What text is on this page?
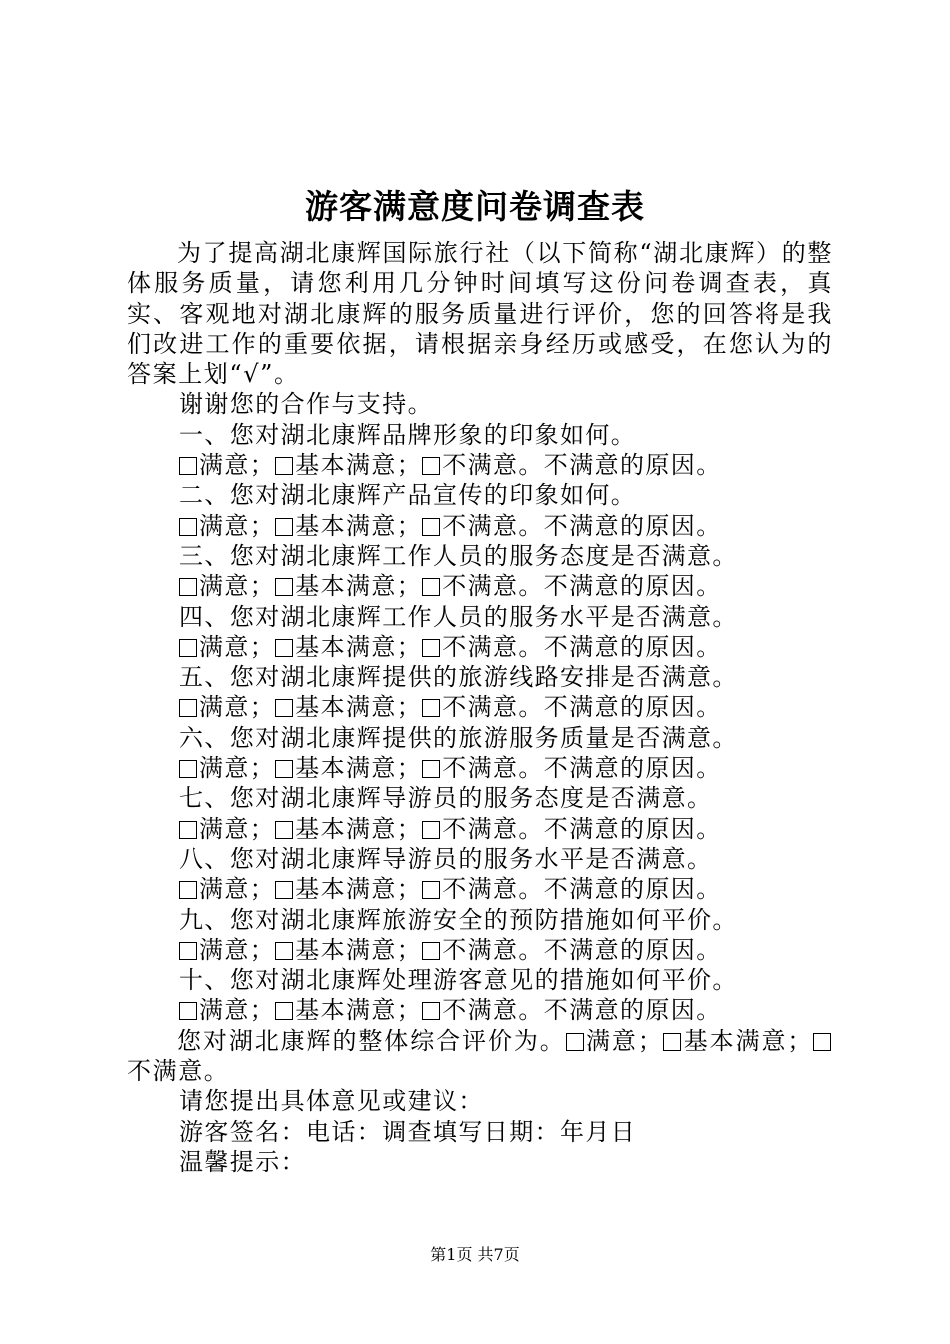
游客满意度问卷调查表

为了提高湖北康辉国际旅行社（以下简称“湖北康辉）的整体服务质量，请您利用几分钟时间填写这份问卷调查表，真实、客观地对湖北康辉的服务质量进行评价，您的回答将是我们改进工作的重要依据，请根据亲身经历或感受，在您认为的答案上划“√”。

谢谢您的合作与支持。

一、您对湖北康辉品牌形象的印象如何。

满意； 基本满意； 不满意。不满意的原因。

二、您对湖北康辉产品宣传的印象如何。

满意； 基本满意； 不满意。不满意的原因。

三、您对湖北康辉工作人员的服务态度是否满意。

满意； 基本满意； 不满意。不满意的原因。

四、您对湖北康辉工作人员的服务水平是否满意。

满意； 基本满意； 不满意。不满意的原因。

五、您对湖北康辉提供的旅游线路安排是否满意。

满意； 基本满意； 不满意。不满意的原因。

六、您对湖北康辉提供的旅游服务质量是否满意。

满意； 基本满意； 不满意。不满意的原因。

七、您对湖北康辉导游员的服务态度是否满意。

满意； 基本满意； 不满意。不满意的原因。

八、您对湖北康辉导游员的服务水平是否满意。

满意； 基本满意； 不满意。不满意的原因。

九、您对湖北康辉旅游安全的预防措施如何平价。

满意； 基本满意； 不满意。不满意的原因。

十、您对湖北康辉处理游客意见的措施如何平价。

满意； 基本满意； 不满意。不满意的原因。

您对湖北康辉的整体综合评价为。 满意； 基本满意；不满意。

请您提出具体意见或建议：

游客签名：电话：调查填写日期：年月日

温馨提示：

第1页 共7页
